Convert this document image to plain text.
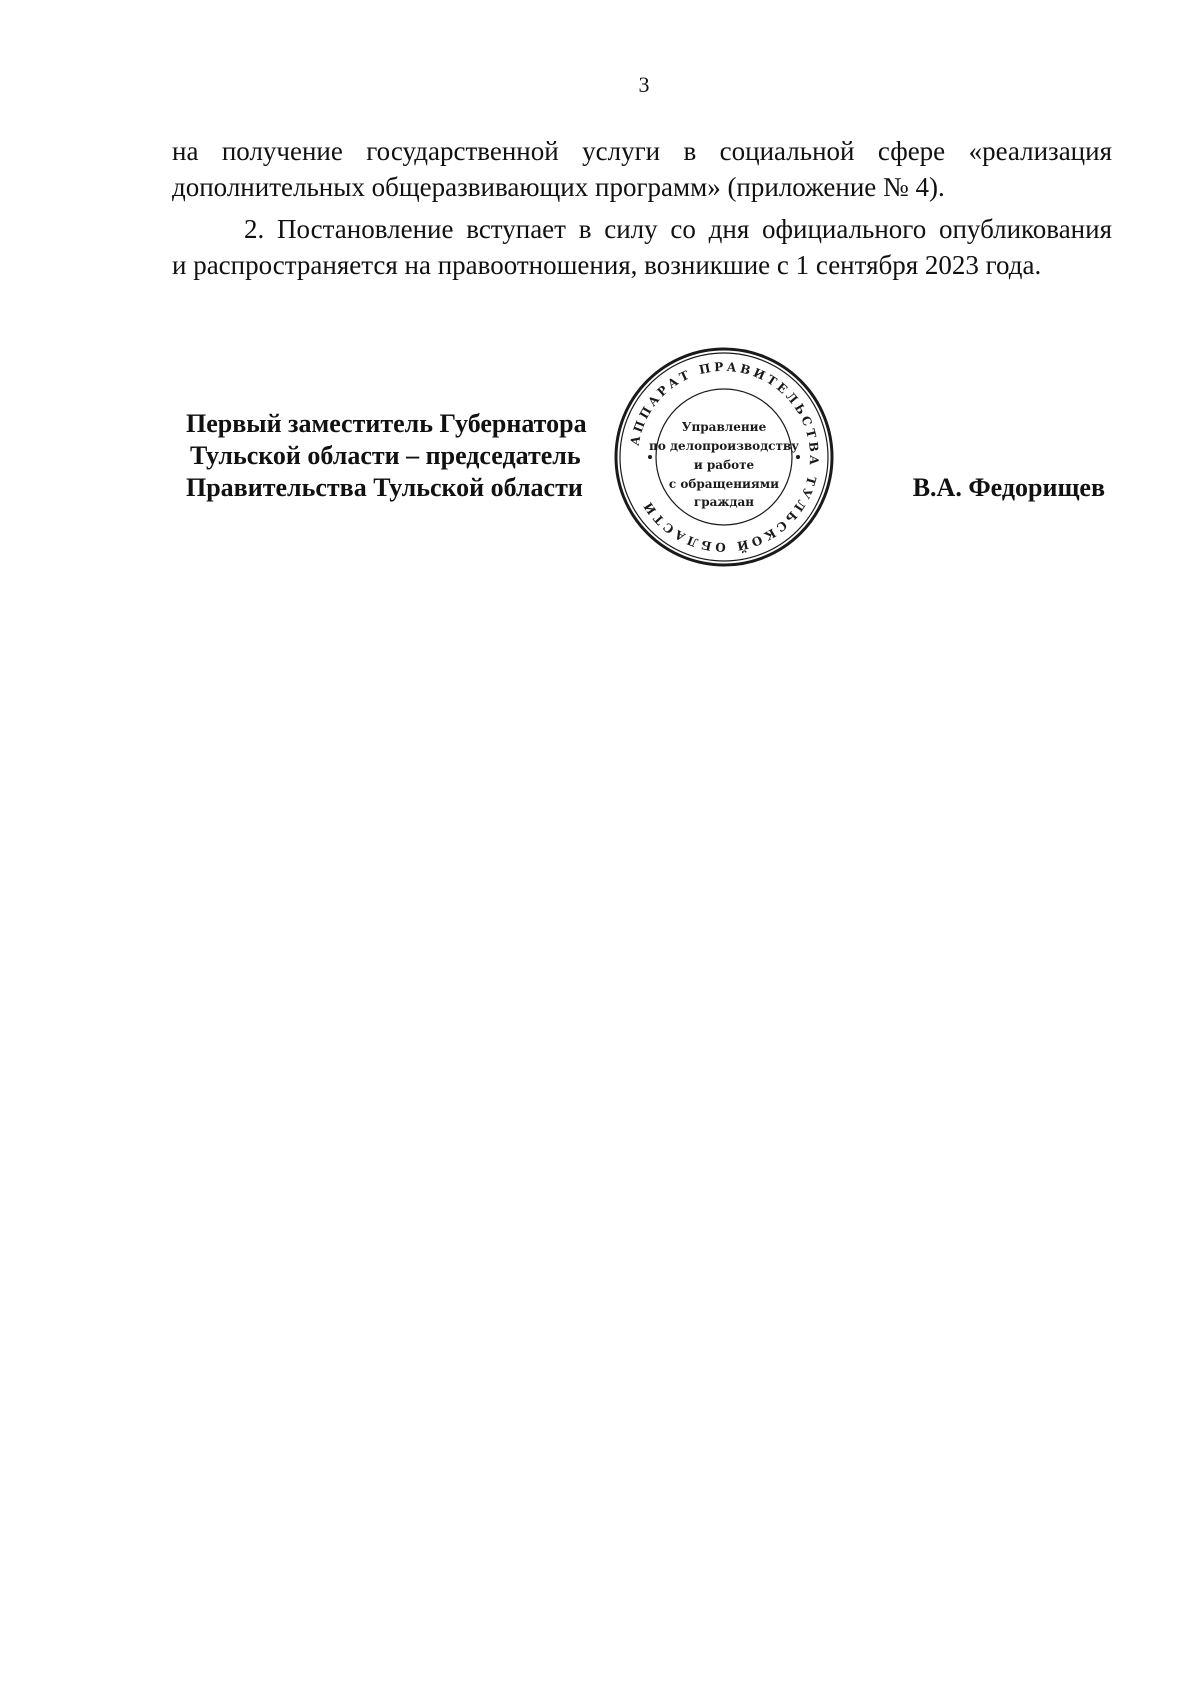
3
на получение государственной услуги в социальной сфере «реализация
дополнительных общеразвивающих программ» (приложение № 4).
2. Постановление вступает в силу со дня официального опубликования
и распространяется на правоотношения, возникшие с 1 сентября 2023 года.
Первый заместитель Губернатора
Тульской области – председатель
Правительства Тульской области	В.А. Федорищев
АППАРАТ ПРАВИТЕЛЬСТВА ТУЛЬСКОЙ ОБЛАСТИ
Управление
по делопроизводству
и работе
с обращениями
граждан
